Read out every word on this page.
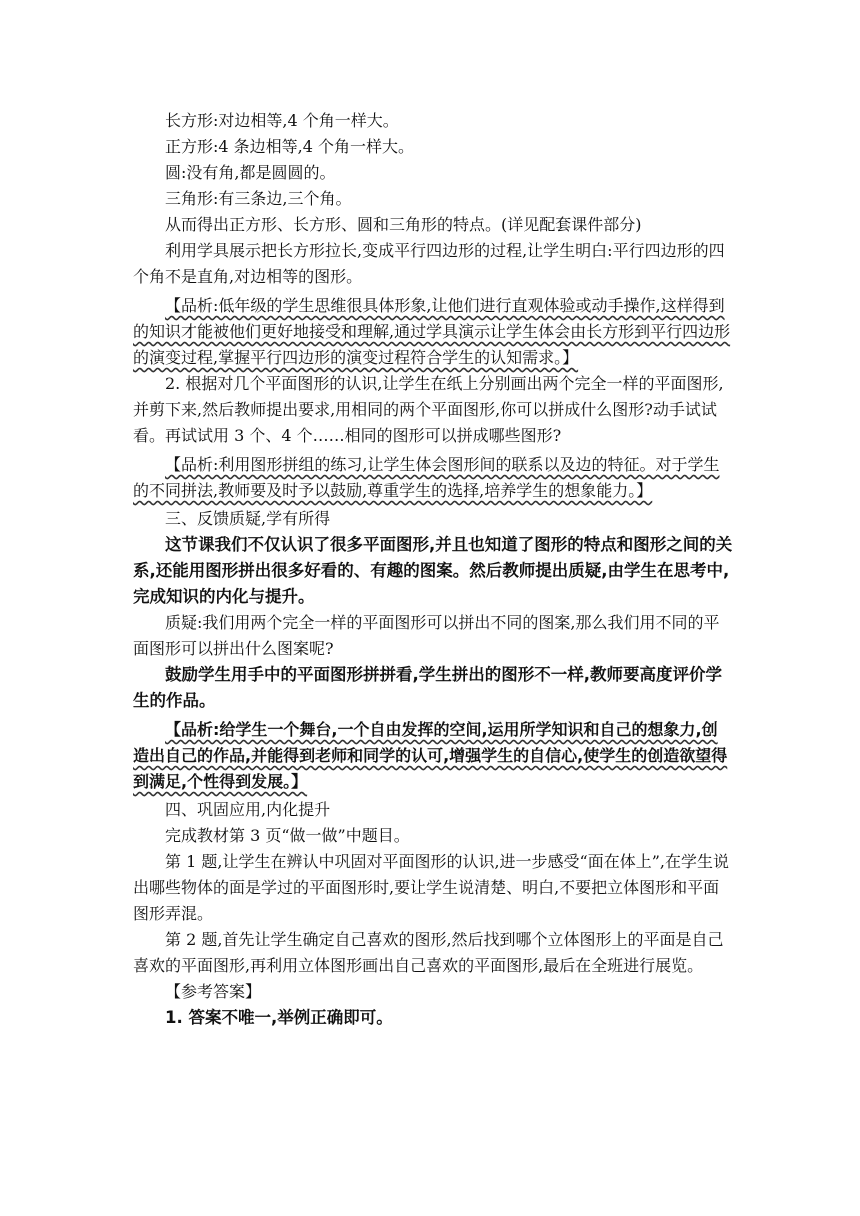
长方形:对边相等,4 个角一样大。

正方形:4 条边相等,4 个角一样大。

圆:没有角,都是圆圆的。

三角形:有三条边,三个角。

从而得出正方形、长方形、圆和三角形的特点。(详见配套课件部分)

利用学具展示把长方形拉长,变成平行四边形的过程,让学生明白:平行四边形的四个角不是直角,对边相等的图形。

【品析:低年级的学生思维很具体形象,让他们进行直观体验或动手操作,这样得到的知识才能被他们更好地接受和理解,通过学具演示让学生体会由长方形到平行四边形的演变过程,掌握平行四边形的演变过程符合学生的认知需求。】

2. 根据对几个平面图形的认识,让学生在纸上分别画出两个完全一样的平面图形,并剪下来,然后教师提出要求,用相同的两个平面图形,你可以拼成什么图形?动手试试看。再试试用 3 个、4 个……相同的图形可以拼成哪些图形?

【品析:利用图形拼组的练习,让学生体会图形间的联系以及边的特征。对于学生的不同拼法,教师要及时予以鼓励,尊重学生的选择,培养学生的想象能力。】

三、反馈质疑,学有所得

这节课我们不仅认识了很多平面图形,并且也知道了图形的特点和图形之间的关系,还能用图形拼出很多好看的、有趣的图案。然后教师提出质疑,由学生在思考中,完成知识的内化与提升。

质疑:我们用两个完全一样的平面图形可以拼出不同的图案,那么我们用不同的平面图形可以拼出什么图案呢?

鼓励学生用手中的平面图形拼拼看,学生拼出的图形不一样,教师要高度评价学生的作品。

【品析:给学生一个舞台,一个自由发挥的空间,运用所学知识和自己的想象力,创造出自己的作品,并能得到老师和同学的认可,增强学生的自信心,使学生的创造欲望得到满足,个性得到发展。】

四、巩固应用,内化提升

完成教材第 3 页“做一做”中题目。

第 1 题,让学生在辨认中巩固对平面图形的认识,进一步感受“面在体上”,在学生说出哪些物体的面是学过的平面图形时,要让学生说清楚、明白,不要把立体图形和平面图形弄混。

第 2 题,首先让学生确定自己喜欢的图形,然后找到哪个立体图形上的平面是自己喜欢的平面图形,再利用立体图形画出自己喜欢的平面图形,最后在全班进行展览。

【参考答案】

1. 答案不唯一,举例正确即可。
